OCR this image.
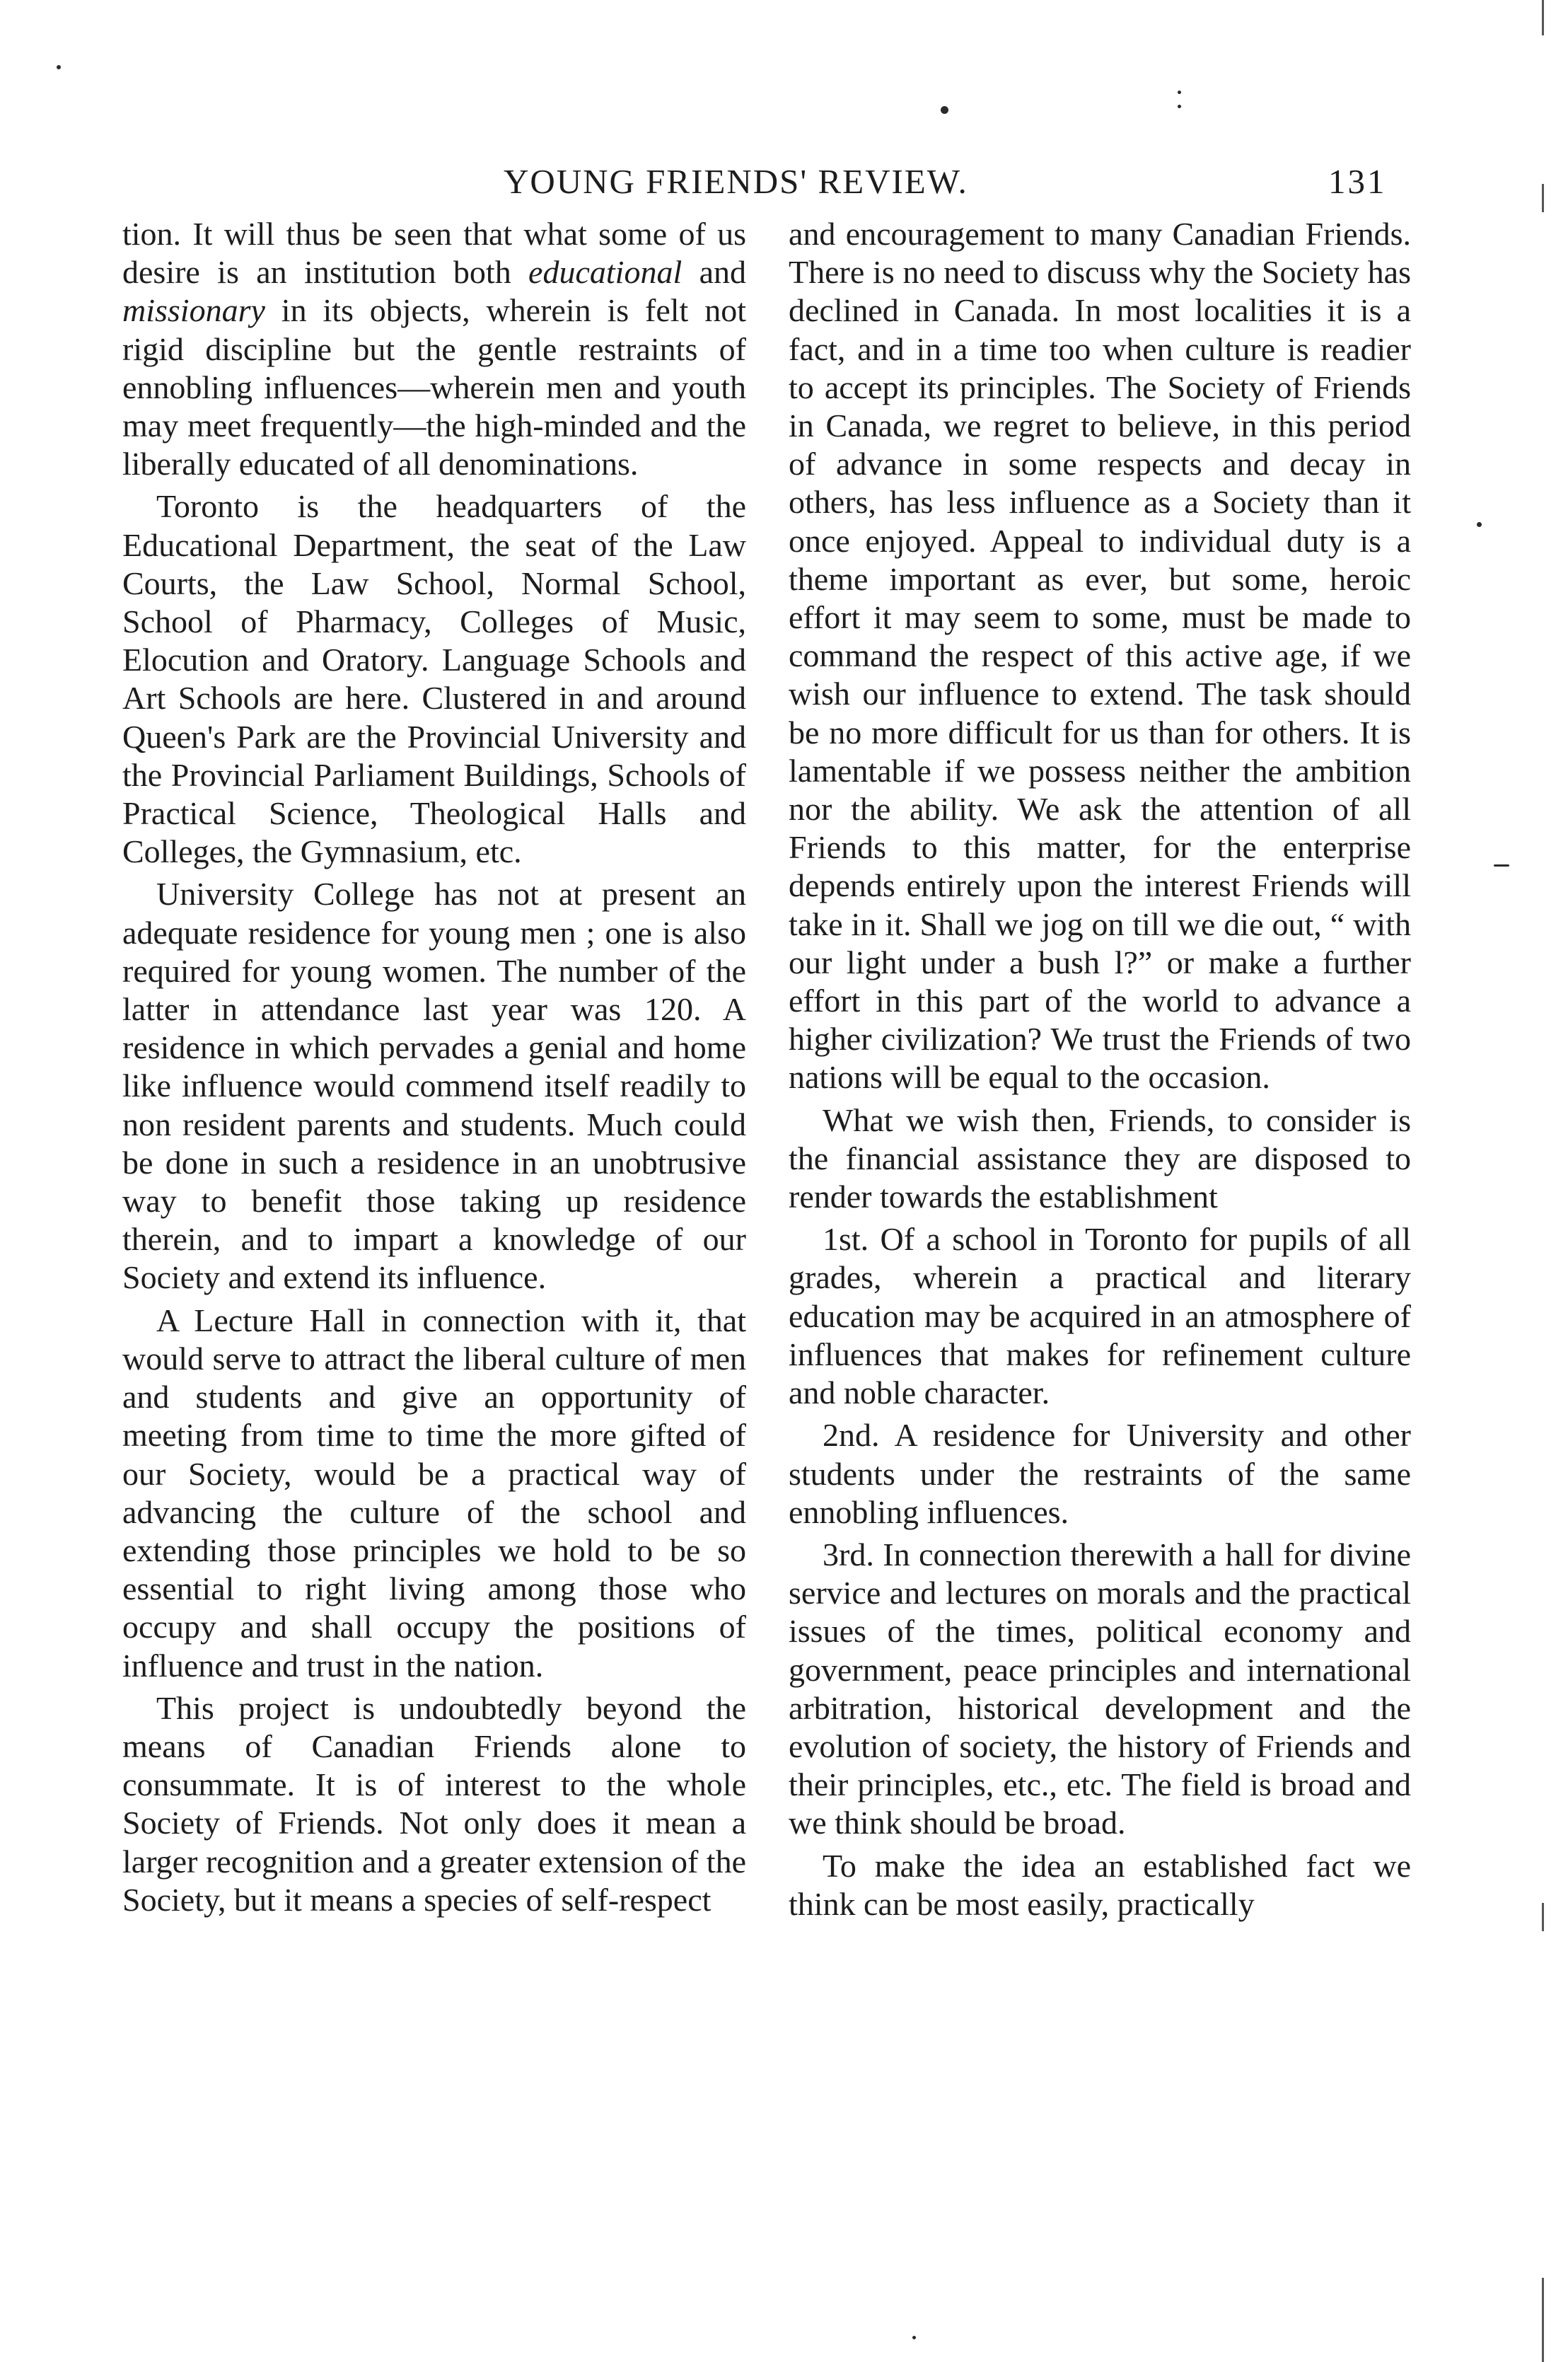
YOUNG FRIENDS' REVIEW.	131

tion. It will thus be seen that what some of us desire is an institution both educational and missionary in its objects, wherein is felt not rigid discipline but the gentle restraints of ennobling influences—wherein men and youth may meet frequently—the high-minded and the liberally educated of all denominations.

Toronto is the headquarters of the Educational Department, the seat of the Law Courts, the Law School, Normal School, School of Pharmacy, Colleges of Music, Elocution and Oratory. Language Schools and Art Schools are here. Clustered in and around Queen's Park are the Provincial University and the Provincial Parliament Buildings, Schools of Practical Science, Theological Halls and Colleges, the Gymnasium, etc.

University College has not at present an adequate residence for young men ; one is also required for young women. The number of the latter in attendance last year was 120. A residence in which pervades a genial and home like influence would commend itself readily to non resident parents and students. Much could be done in such a residence in an unobtrusive way to benefit those taking up residence therein, and to impart a knowledge of our Society and extend its influence.

A Lecture Hall in connection with it, that would serve to attract the liberal culture of men and students and give an opportunity of meeting from time to time the more gifted of our Society, would be a practical way of advancing the culture of the school and extending those principles we hold to be so essential to right living among those who occupy and shall occupy the positions of influence and trust in the nation.

This project is undoubtedly beyond the means of Canadian Friends alone to consummate. It is of interest to the whole Society of Friends. Not only does it mean a larger recognition and a greater extension of the Society, but it means a species of self-respect

and encouragement to many Canadian Friends. There is no need to discuss why the Society has declined in Canada. In most localities it is a fact, and in a time too when culture is readier to accept its principles. The Society of Friends in Canada, we regret to believe, in this period of advance in some respects and decay in others, has less influence as a Society than it once enjoyed. Appeal to individual duty is a theme important as ever, but some, heroic effort it may seem to some, must be made to command the respect of this active age, if we wish our influence to extend. The task should be no more difficult for us than for others. It is lamentable if we possess neither the ambition nor the ability. We ask the attention of all Friends to this matter, for the enterprise depends entirely upon the interest Friends will take in it. Shall we jog on till we die out, “ with our light under a bush l?” or make a further effort in this part of the world to advance a higher civilization? We trust the Friends of two nations will be equal to the occasion.

What we wish then, Friends, to consider is the financial assistance they are disposed to render towards the establishment

1st. Of a school in Toronto for pupils of all grades, wherein a practical and literary education may be acquired in an atmosphere of influences that makes for refinement culture and noble character.

2nd. A residence for University and other students under the restraints of the same ennobling influences.

3rd. In connection therewith a hall for divine service and lectures on morals and the practical issues of the times, political economy and government, peace principles and international arbitration, historical development and the evolution of society, the history of Friends and their principles, etc., etc. The field is broad and we think should be broad.

To make the idea an established fact we think can be most easily, practically
